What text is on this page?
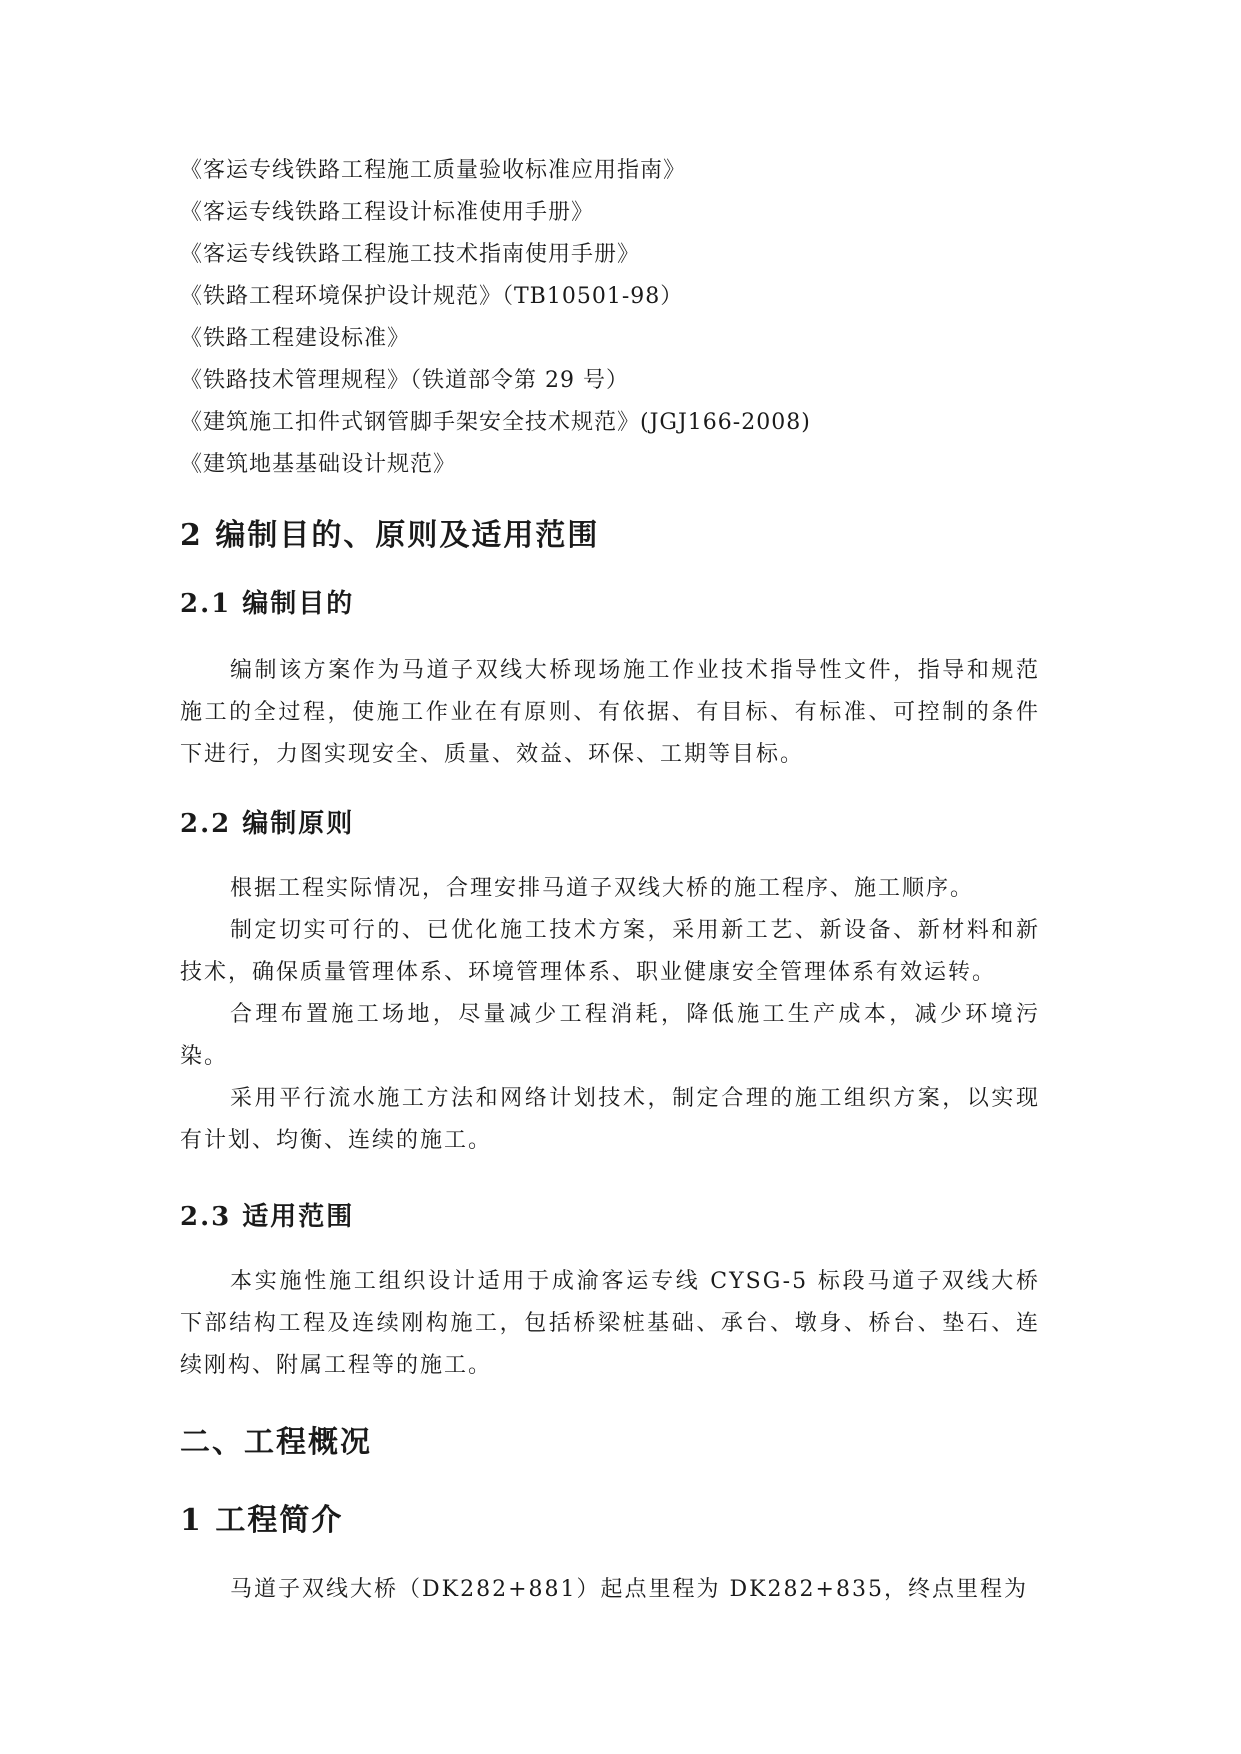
《客运专线铁路工程施工质量验收标准应用指南》
《客运专线铁路工程设计标准使用手册》
《客运专线铁路工程施工技术指南使用手册》
《铁路工程环境保护设计规范》（TB10501-98）
《铁路工程建设标准》
《铁路技术管理规程》（铁道部令第 29 号）
《建筑施工扣件式钢管脚手架安全技术规范》(JGJ166-2008)
《建筑地基基础设计规范》
2 编制目的、原则及适用范围
2.1 编制目的

编制该方案作为马道子双线大桥现场施工作业技术指导性文件，指导和规范施工的全过程，使施工作业在有原则、有依据、有目标、有标准、可控制的条件下进行，力图实现安全、质量、效益、环保、工期等目标。

2.2 编制原则

根据工程实际情况，合理安排马道子双线大桥的施工程序、施工顺序。

制定切实可行的、已优化施工技术方案，采用新工艺、新设备、新材料和新技术，确保质量管理体系、环境管理体系、职业健康安全管理体系有效运转。

合理布置施工场地，尽量减少工程消耗，降低施工生产成本，减少环境污染。

采用平行流水施工方法和网络计划技术，制定合理的施工组织方案，以实现有计划、均衡、连续的施工。

2.3 适用范围

本实施性施工组织设计适用于成渝客运专线 CYSG-5 标段马道子双线大桥下部结构工程及连续刚构施工，包括桥梁桩基础、承台、墩身、桥台、垫石、连续刚构、附属工程等的施工。

二、工程概况
1 工程简介

马道子双线大桥（DK282+881）起点里程为 DK282+835，终点里程为
